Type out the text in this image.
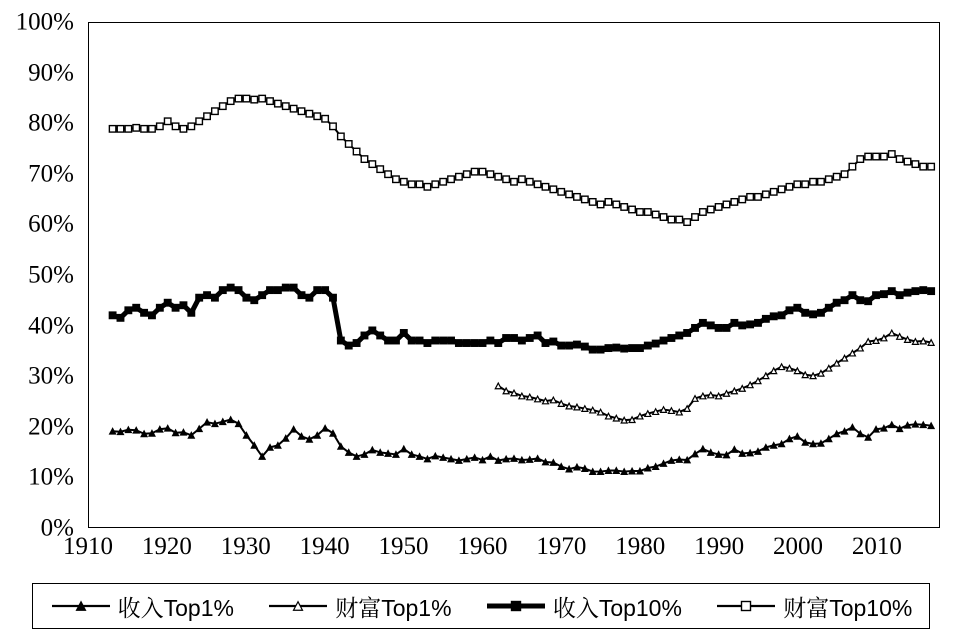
0%
10%
20%
30%
40%
50%
60%
70%
80%
90%
100%
1910 1920 1930 1940 1950 1960 1970 1980 1990 2000 2010
收入Top1%	财富Top1%	收入Top10%	财富Top10%
